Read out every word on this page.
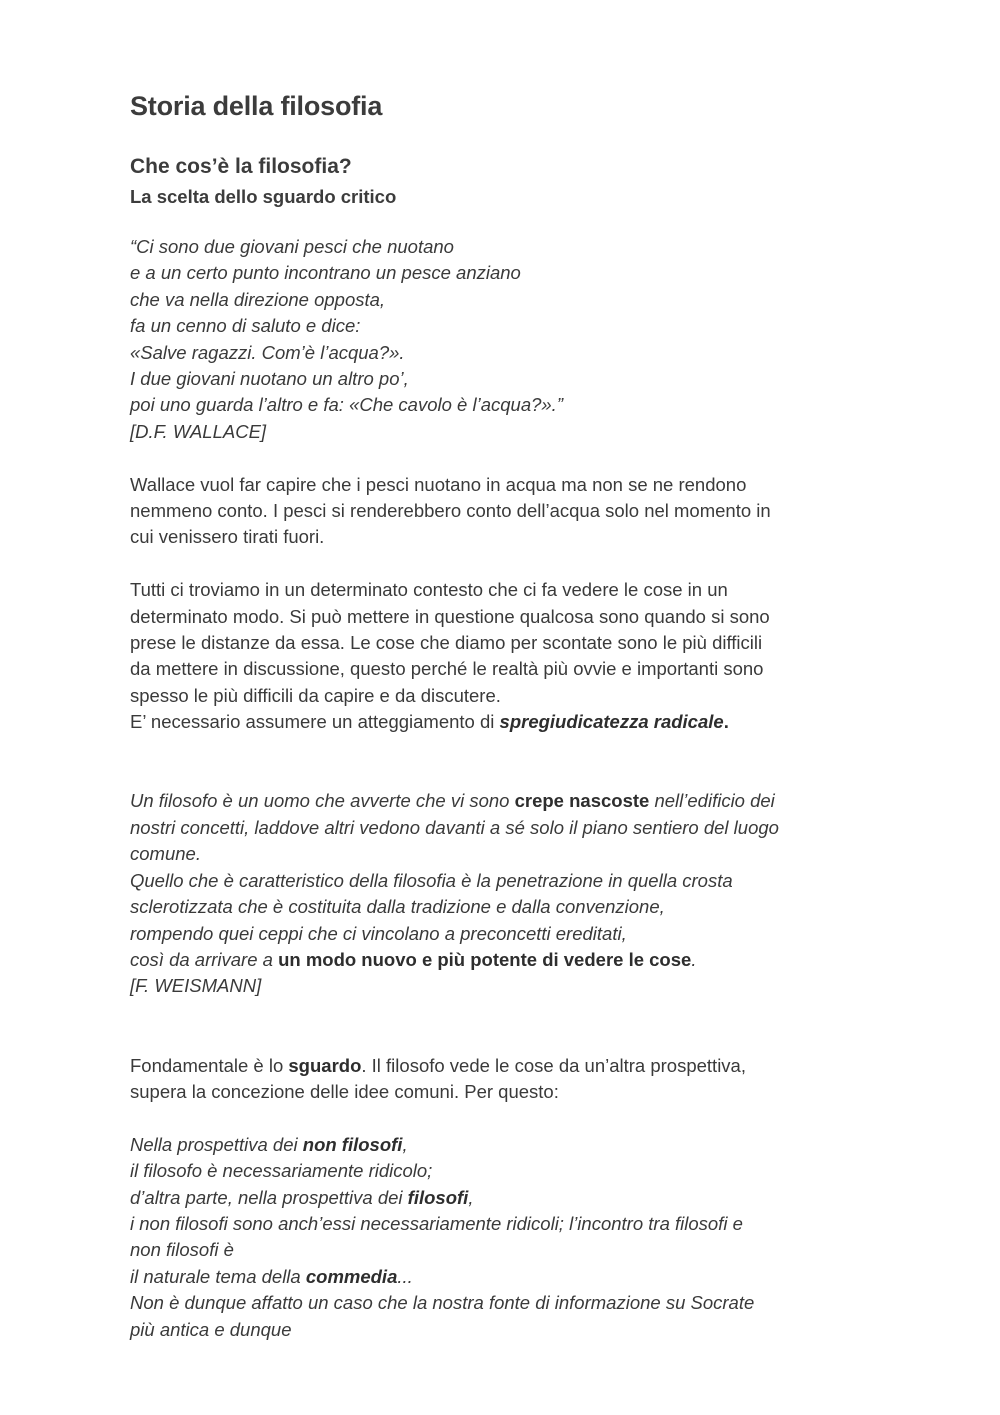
Storia della filosofia
Che cos’è la filosofia?
La scelta dello sguardo critico
“Ci sono due giovani pesci che nuotano
e a un certo punto incontrano un pesce anziano
che va nella direzione opposta,
fa un cenno di saluto e dice:
«Salve ragazzi. Com’è l’acqua?».
I due giovani nuotano un altro po’,
poi uno guarda l’altro e fa: «Che cavolo è l’acqua?».”
[D.F. WALLACE]
Wallace vuol far capire che i pesci nuotano in acqua ma non se ne rendono
nemmeno conto. I pesci si renderebbero conto dell’acqua solo nel momento in
cui venissero tirati fuori.
Tutti ci troviamo in un determinato contesto che ci fa vedere le cose in un
determinato modo. Si può mettere in questione qualcosa sono quando si sono
prese le distanze da essa. Le cose che diamo per scontate sono le più difficili
da mettere in discussione, questo perché le realtà più ovvie e importanti sono
spesso le più difficili da capire e da discutere.
E’ necessario assumere un atteggiamento di spregiudicatezza radicale.
Un filosofo è un uomo che avverte che vi sono crepe nascoste nell’edificio dei
nostri concetti, laddove altri vedono davanti a sé solo il piano sentiero del luogo
comune.
Quello che è caratteristico della filosofia è la penetrazione in quella crosta
sclerotizzata che è costituita dalla tradizione e dalla convenzione,
rompendo quei ceppi che ci vincolano a preconcetti ereditati,
così da arrivare a un modo nuovo e più potente di vedere le cose.
[F. WEISMANN]
Fondamentale è lo sguardo. Il filosofo vede le cose da un’altra prospettiva,
supera la concezione delle idee comuni. Per questo:
Nella prospettiva dei non filosofi,
il filosofo è necessariamente ridicolo;
d’altra parte, nella prospettiva dei filosofi,
i non filosofi sono anch’essi necessariamente ridicoli; l’incontro tra filosofi e
non filosofi è
il naturale tema della commedia...
Non è dunque affatto un caso che la nostra fonte di informazione su Socrate
più antica e dunque
